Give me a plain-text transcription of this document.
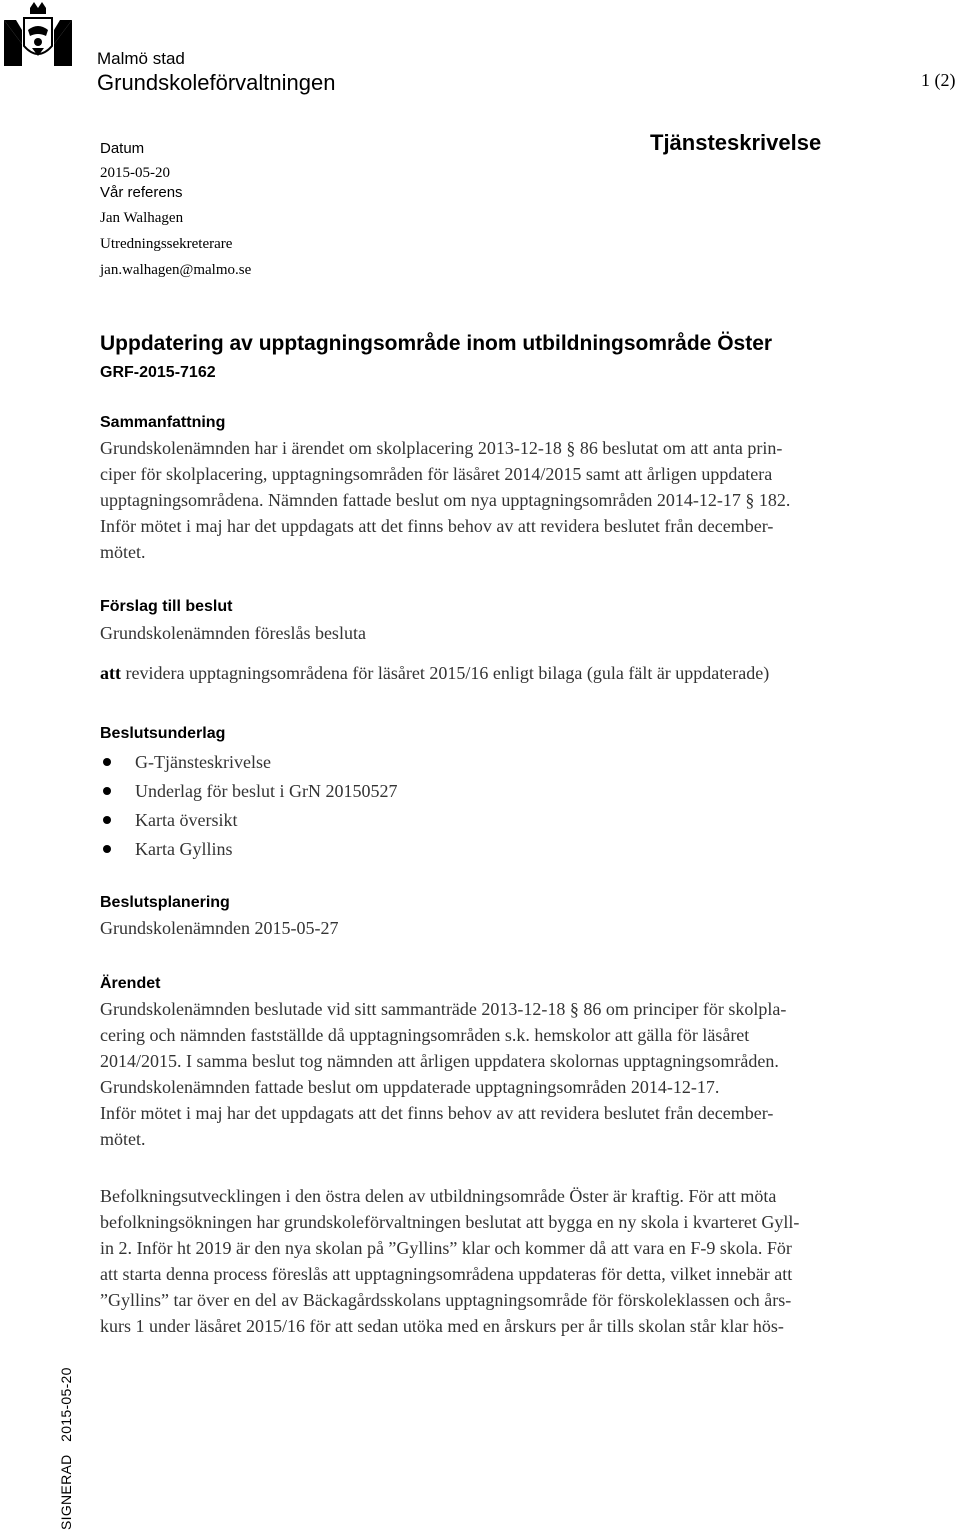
Malmö stad
Grundskoleförvaltningen	1 (2)
Datum
2015-05-20
Vår referens
Jan Walhagen
Utredningssekreterare
jan.walhagen@malmo.se
Tjänsteskrivelse
Uppdatering av upptagningsområde inom utbildningsområde Öster
GRF-2015-7162
Sammanfattning
Grundskolenämnden har i ärendet om skolplacering 2013-12-18 § 86 beslutat om att anta prin-
ciper för skolplacering, upptagningsområden för läsåret 2014/2015 samt att årligen uppdatera
upptagningsområdena. Nämnden fattade beslut om nya upptagningsområden 2014-12-17 § 182.
Inför mötet i maj har det uppdagats att det finns behov av att revidera beslutet från december-
mötet.
Förslag till beslut
Grundskolenämnden föreslås besluta
att revidera upptagningsområdena för läsåret 2015/16 enligt bilaga (gula fält är uppdaterade)
Beslutsunderlag
G-Tjänsteskrivelse
Underlag för beslut i GrN 20150527
Karta översikt
Karta Gyllins
Beslutsplanering
Grundskolenämnden 2015-05-27
Ärendet
Grundskolenämnden beslutade vid sitt sammanträde 2013-12-18 § 86 om principer för skolpla-
cering och nämnden fastställde då upptagningsområden s.k. hemskolor att gälla för läsåret
2014/2015. I samma beslut tog nämnden att årligen uppdatera skolornas upptagningsområden.
Grundskolenämnden fattade beslut om uppdaterade upptagningsområden 2014-12-17.
Inför mötet i maj har det uppdagats att det finns behov av att revidera beslutet från december-
mötet.
Befolkningsutvecklingen i den östra delen av utbildningsområde Öster är kraftig. För att möta
befolkningsökningen har grundskoleförvaltningen beslutat att bygga en ny skola i kvarteret Gyll-
in 2. Inför ht 2019 är den nya skolan på ”Gyllins” klar och kommer då att vara en F-9 skola. För
att starta denna process föreslås att upptagningsområdena uppdateras för detta, vilket innebär att
”Gyllins” tar över en del av Bäckagårdsskolans upptagningsområde för förskoleklassen och års-
kurs 1 under läsåret 2015/16 för att sedan utöka med en årskurs per år tills skolan står klar hös-
SIGNERAD   2015-05-20
